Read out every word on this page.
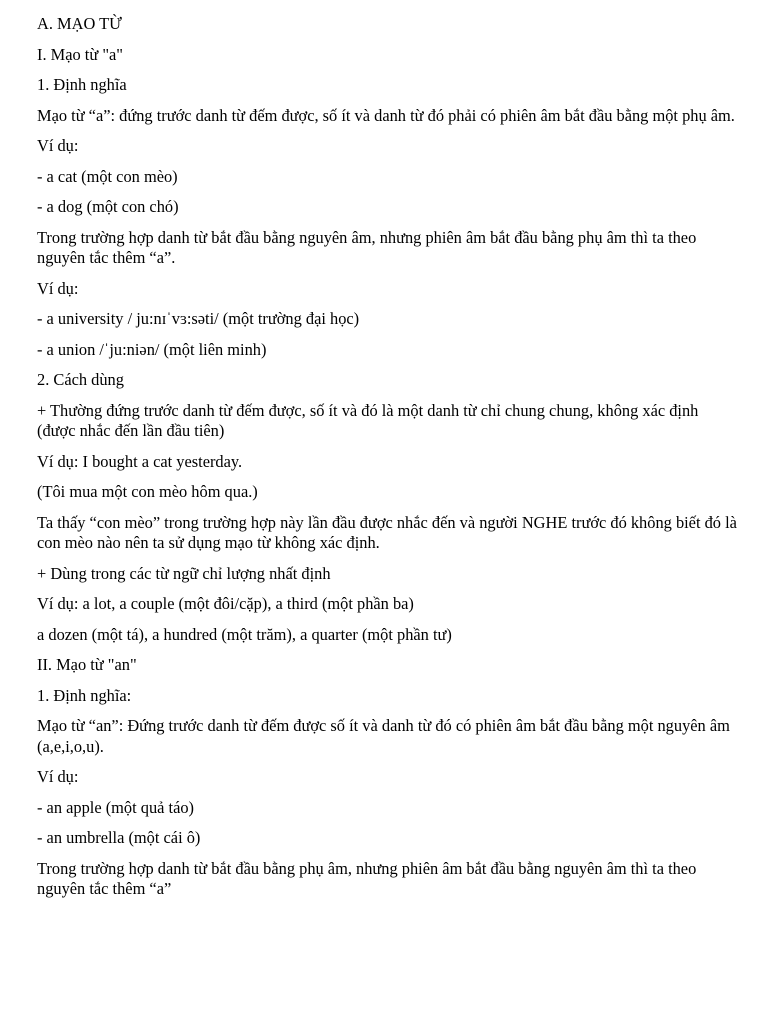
A. MẠO TỪ

I. Mạo từ "a"

1. Định nghĩa

Mạo từ “a”: đứng trước danh từ đếm được, số ít và danh từ đó phải có phiên âm bắt đầu bằng một phụ âm.

Ví dụ:

- a cat (một con mèo)

- a dog (một con chó)

Trong trường hợp danh từ bắt đầu bằng nguyên âm, nhưng phiên âm bắt đầu bằng phụ âm thì ta theo nguyên tắc thêm “a”.

Ví dụ:

- a university / ju:nɪˈvɜ:səti/ (một trường đại học)

- a union /ˈju:niən/ (một liên minh)

2. Cách dùng

+ Thường đứng trước danh từ đếm được, số ít và đó là một danh từ chỉ chung chung, không xác định (được nhắc đến lần đầu tiên)

Ví dụ: I bought a cat yesterday.

(Tôi mua một con mèo hôm qua.)

Ta thấy “con mèo” trong trường hợp này lần đầu được nhắc đến và người NGHE trước đó không biết đó là con mèo nào nên ta sử dụng mạo từ không xác định.

+ Dùng trong các từ ngữ chỉ lượng nhất định

Ví dụ: a lot, a couple (một đôi/cặp), a third (một phần ba)

a dozen (một tá), a hundred (một trăm), a quarter (một phần tư)

II. Mạo từ "an"

1. Định nghĩa:

Mạo từ “an”: Đứng trước danh từ đếm được số ít và danh từ đó có phiên âm bắt đầu bằng một nguyên âm (a,e,i,o,u).

Ví dụ:

- an apple (một quả táo)

- an umbrella (một cái ô)

Trong trường hợp danh từ bắt đầu bằng phụ âm, nhưng phiên âm bắt đầu bằng nguyên âm thì ta theo nguyên tắc thêm “a”
